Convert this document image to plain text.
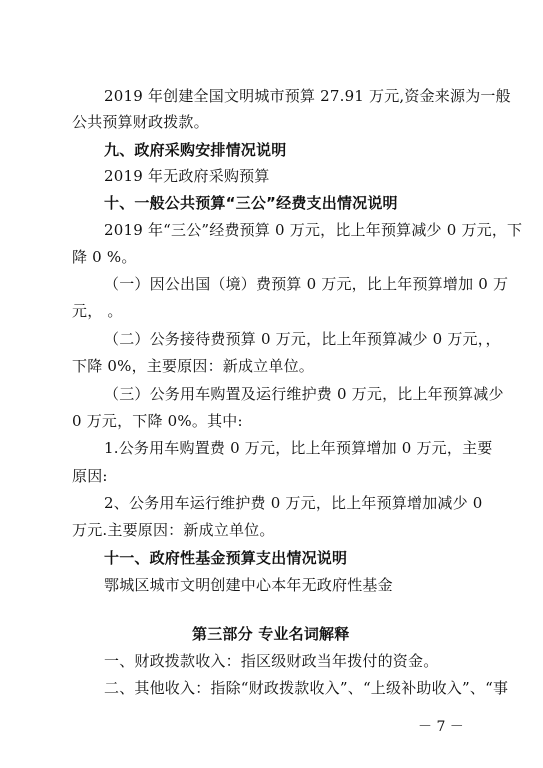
2019 年创建全国文明城市预算 27.91 万元,资金来源为一般
公共预算财政拨款。
九、政府采购安排情况说明
2019 年无政府采购预算
十、一般公共预算“三公”经费支出情况说明
2019 年“三公”经费预算 0 万元，比上年预算减少 0 万元，下
降 0 %。
（一）因公出国（境）费预算 0 万元，比上年预算增加 0 万
元， 。
（二）公务接待费预算 0 万元，比上年预算减少 0 万元，，
下降 0%，主要原因：新成立单位。
（三）公务用车购置及运行维护费 0 万元，比上年预算减少
0 万元，下降 0%。其中:
1.公务用车购置费 0 万元，比上年预算增加 0 万元，主要
原因:
2、公务用车运行维护费 0 万元，比上年预算增加减少 0
万元.主要原因：新成立单位。
十一、政府性基金预算支出情况说明
鄂城区城市文明创建中心本年无政府性基金
第三部分 专业名词解释
一、财政拨款收入：指区级财政当年拨付的资金。
二、其他收入：指除“财政拨款收入”、“上级补助收入”、“事
－ 7 －
